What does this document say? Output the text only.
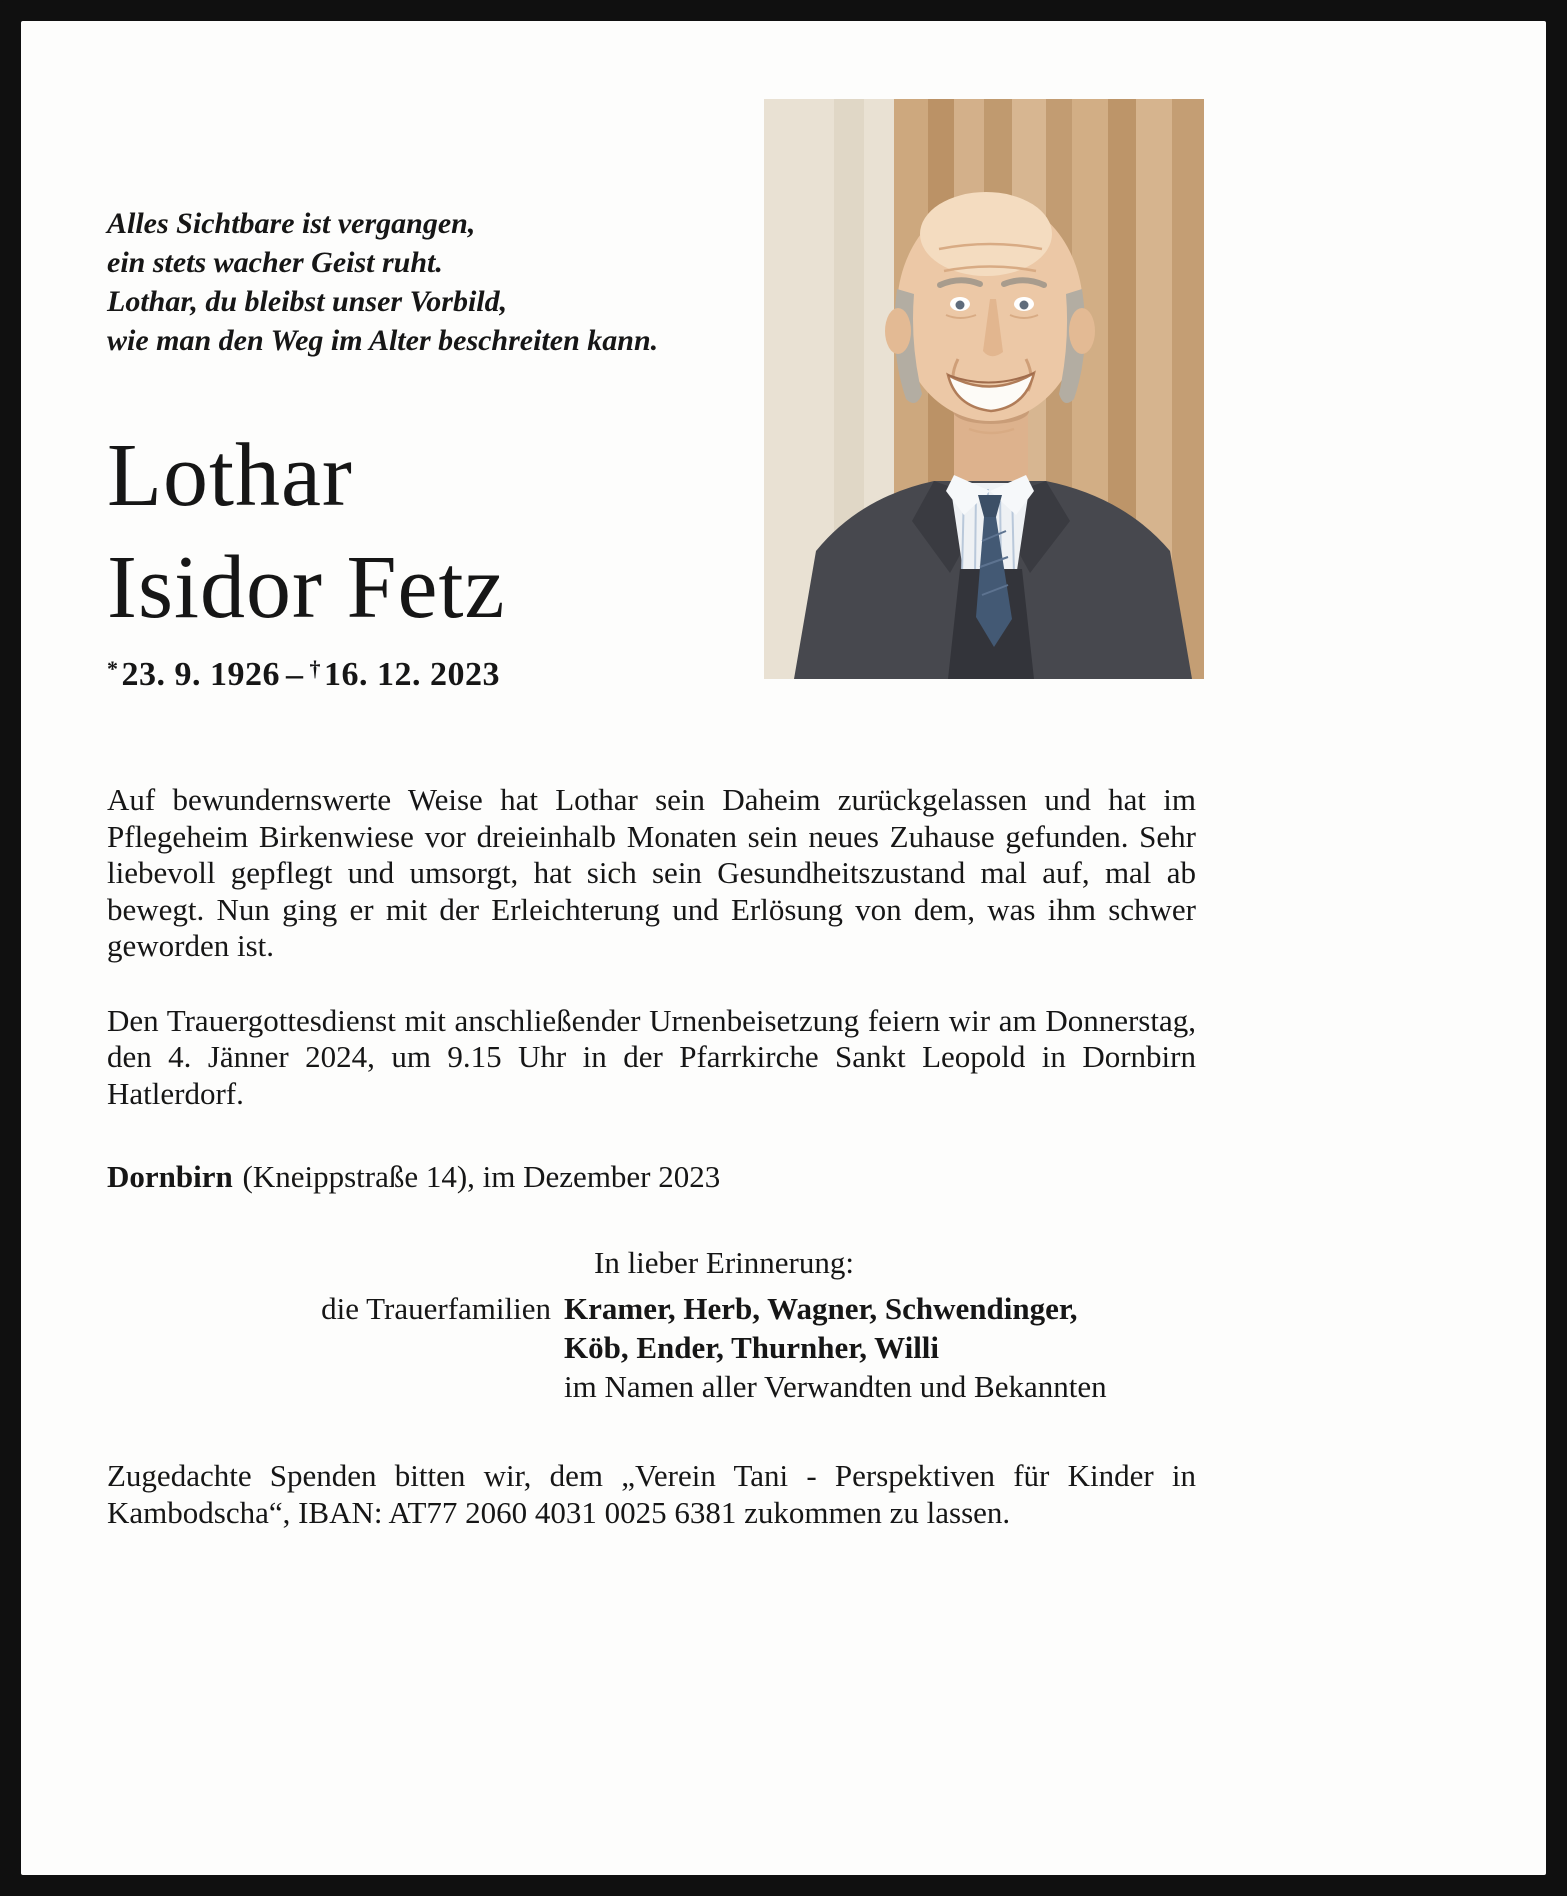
Alles Sichtbare ist vergangen,
ein stets wacher Geist ruht.
Lothar, du bleibst unser Vorbild,
wie man den Weg im Alter beschreiten kann.
Lothar
Isidor Fetz
*23. 9. 1926 – †16. 12. 2023
Auf bewundernswerte Weise hat Lothar sein Daheim zurückgelassen und hat im Pflegeheim Birkenwiese vor dreieinhalb Monaten sein neues Zuhause gefunden. Sehr liebevoll gepflegt und umsorgt, hat sich sein Gesundheitszustand mal auf, mal ab bewegt. Nun ging er mit der Erleichterung und Erlösung von dem, was ihm schwer geworden ist.
Den Trauergottesdienst mit anschließender Urnenbeisetzung feiern wir am Donnerstag, den 4. Jänner 2024, um 9.15 Uhr in der Pfarrkirche Sankt Leopold in Dornbirn Hatlerdorf.
Dornbirn (Kneippstraße 14), im Dezember 2023
In lieber Erinnerung:
die Trauerfamilien Kramer, Herb, Wagner, Schwendinger,
Köb, Ender, Thurnher, Willi
im Namen aller Verwandten und Bekannten
Zugedachte Spenden bitten wir, dem „Verein Tani - Perspektiven für Kinder in Kambodscha“, IBAN: AT77 2060 4031 0025 6381 zukommen zu lassen.
